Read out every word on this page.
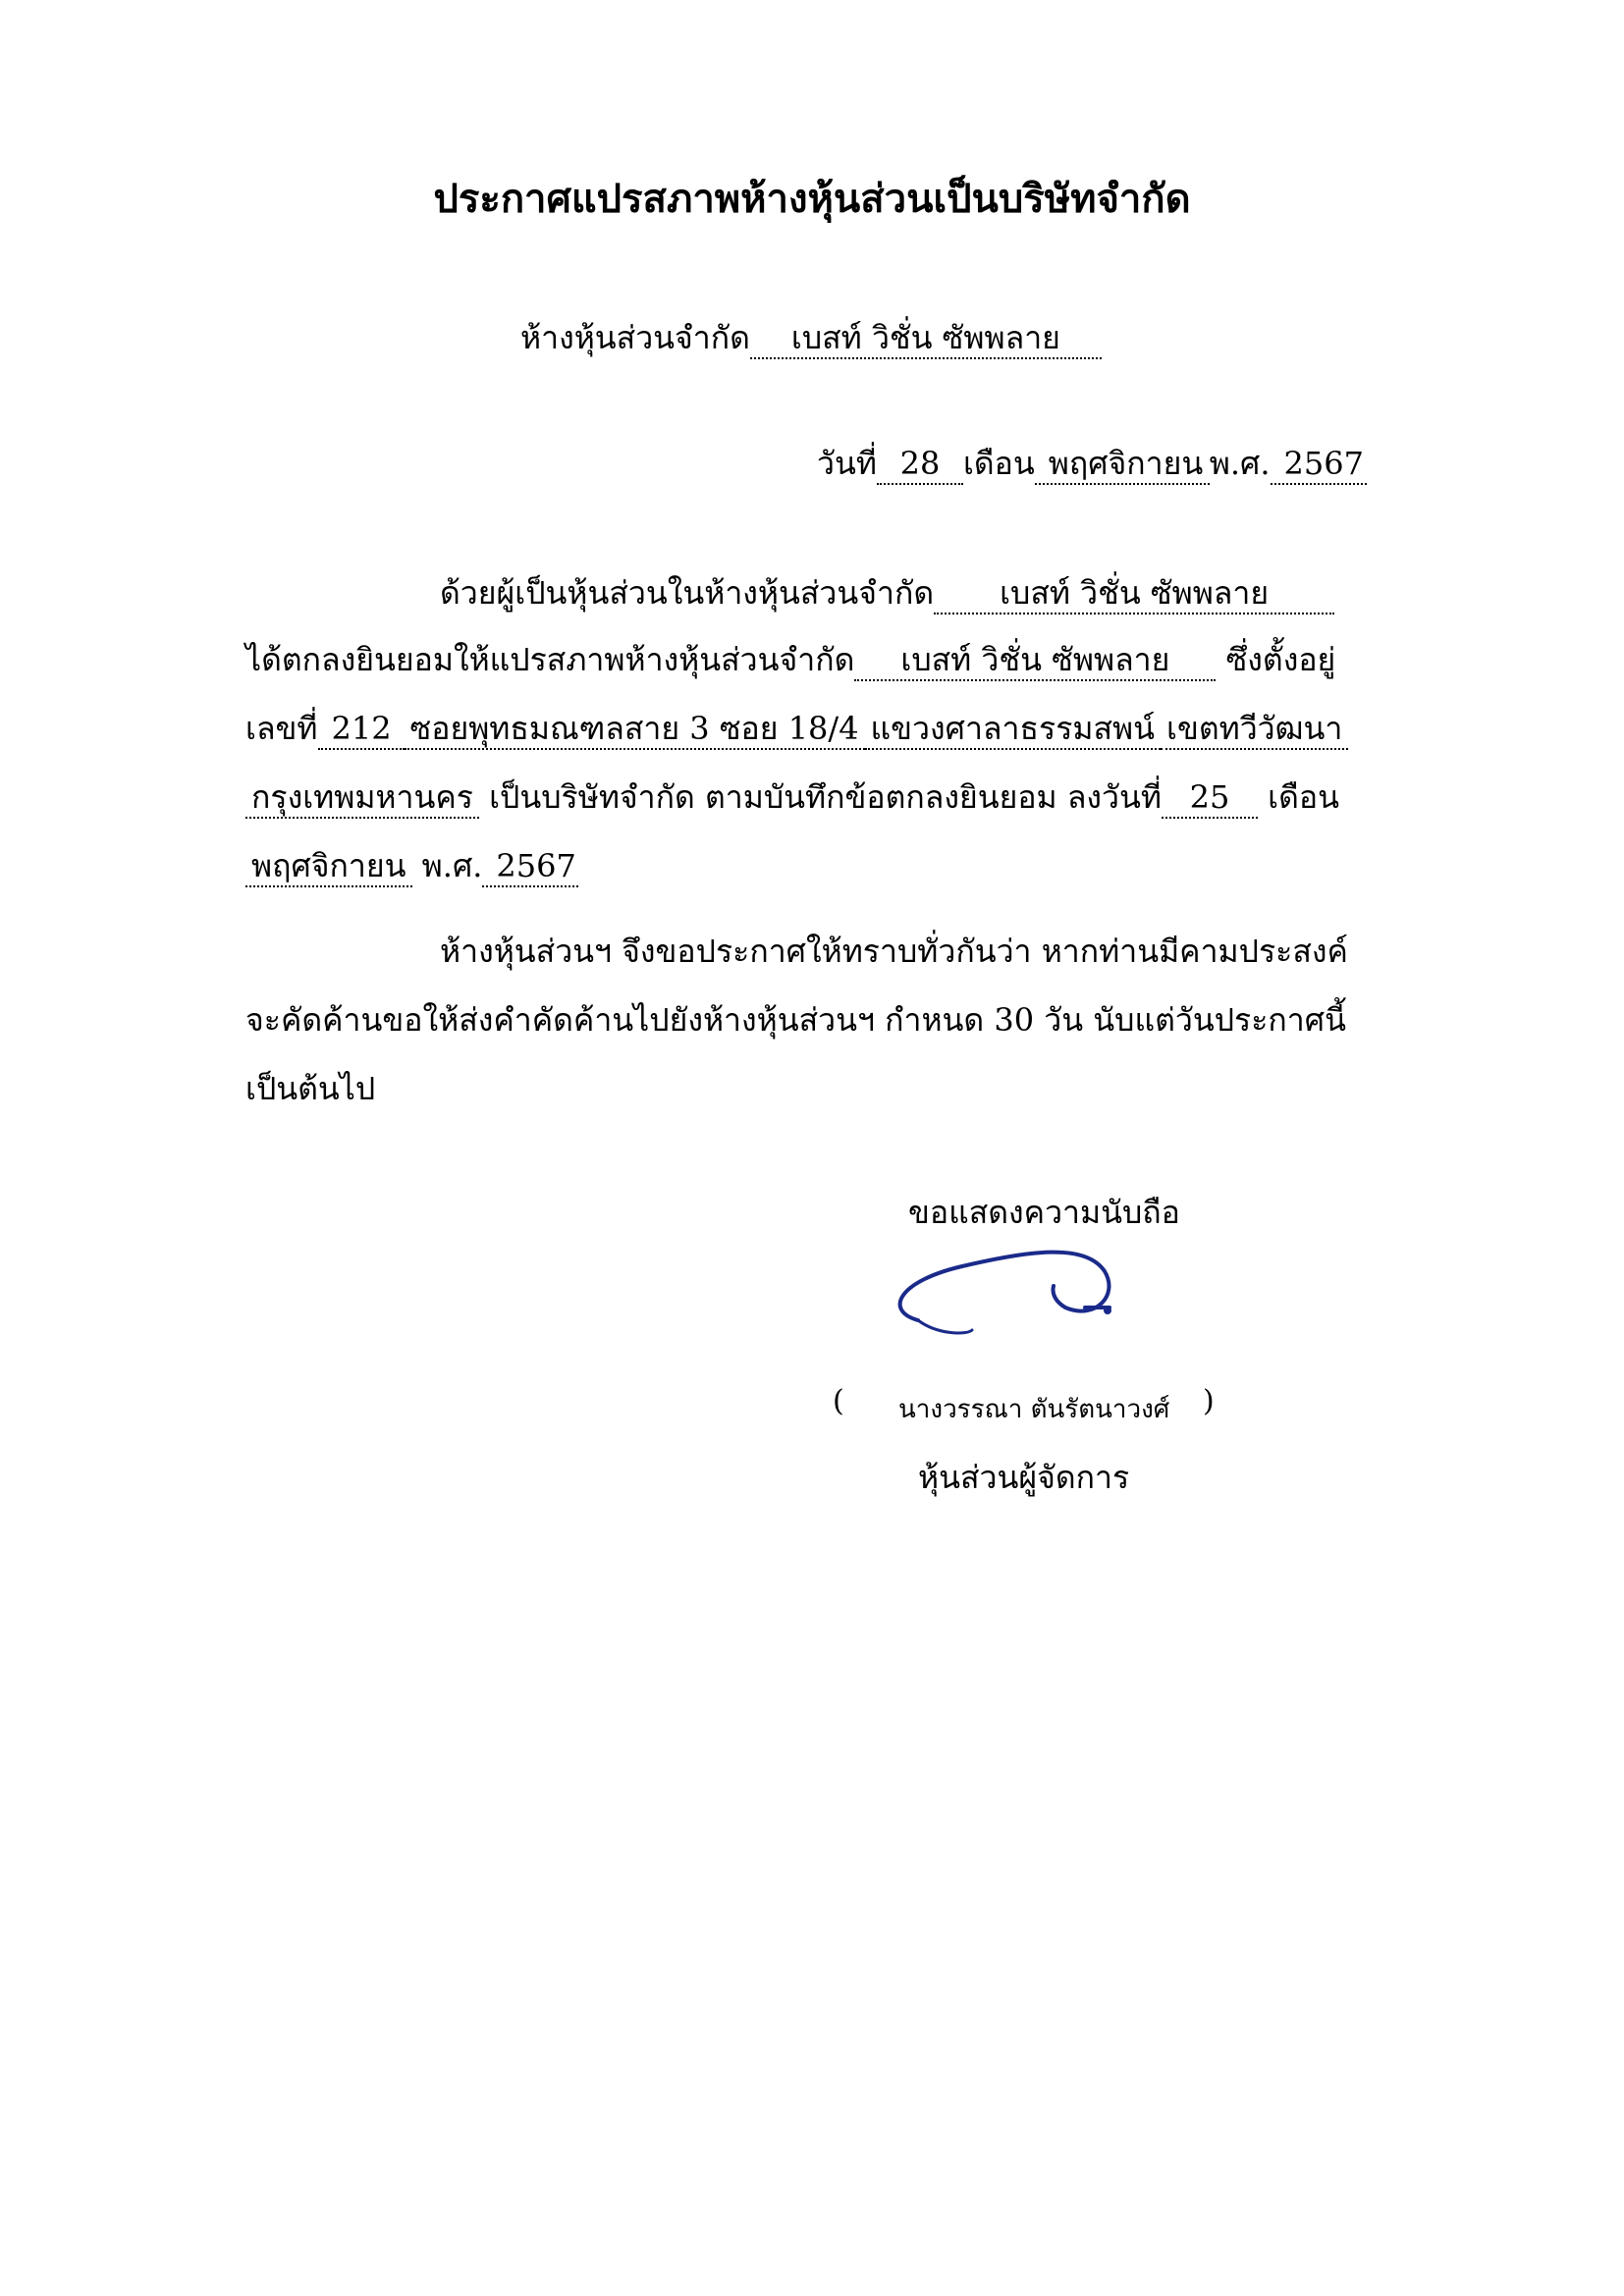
ประกาศแปรสภาพห้างหุ้นส่วนเป็นบริษัทจำกัด
ห้างหุ้นส่วนจำกัด เบสท์ วิชั่น ซัพพลาย
วันที่ 28 เดือน พฤศจิกายน พ.ศ. 2567
ด้วยผู้เป็นหุ้นส่วนในห้างหุ้นส่วนจำกัด เบสท์ วิชั่น ซัพพลาย
ได้ตกลงยินยอมให้แปรสภาพห้างหุ้นส่วนจำกัด เบสท์ วิชั่น ซัพพลาย ซึ่งตั้งอยู่
เลขที่ 212 ซอยพุทธมณฑลสาย 3 ซอย 18/4 แขวงศาลาธรรมสพน์ เขตทวีวัฒนา
กรุงเทพมหานคร เป็นบริษัทจำกัด ตามบันทึกข้อตกลงยินยอม ลงวันที่ 25 เดือน
พฤศจิกายน พ.ศ. 2567
ห้างหุ้นส่วนฯ จึงขอประกาศให้ทราบทั่วกันว่า หากท่านมีคามประสงค์
จะคัดค้านขอให้ส่งคำคัดค้านไปยังห้างหุ้นส่วนฯ กำหนด 30 วัน นับแต่วันประกาศนี้
เป็นต้นไป
ขอแสดงความนับถือ
( นางวรรณา ตันรัตนาวงศ์ )
หุ้นส่วนผู้จัดการ
